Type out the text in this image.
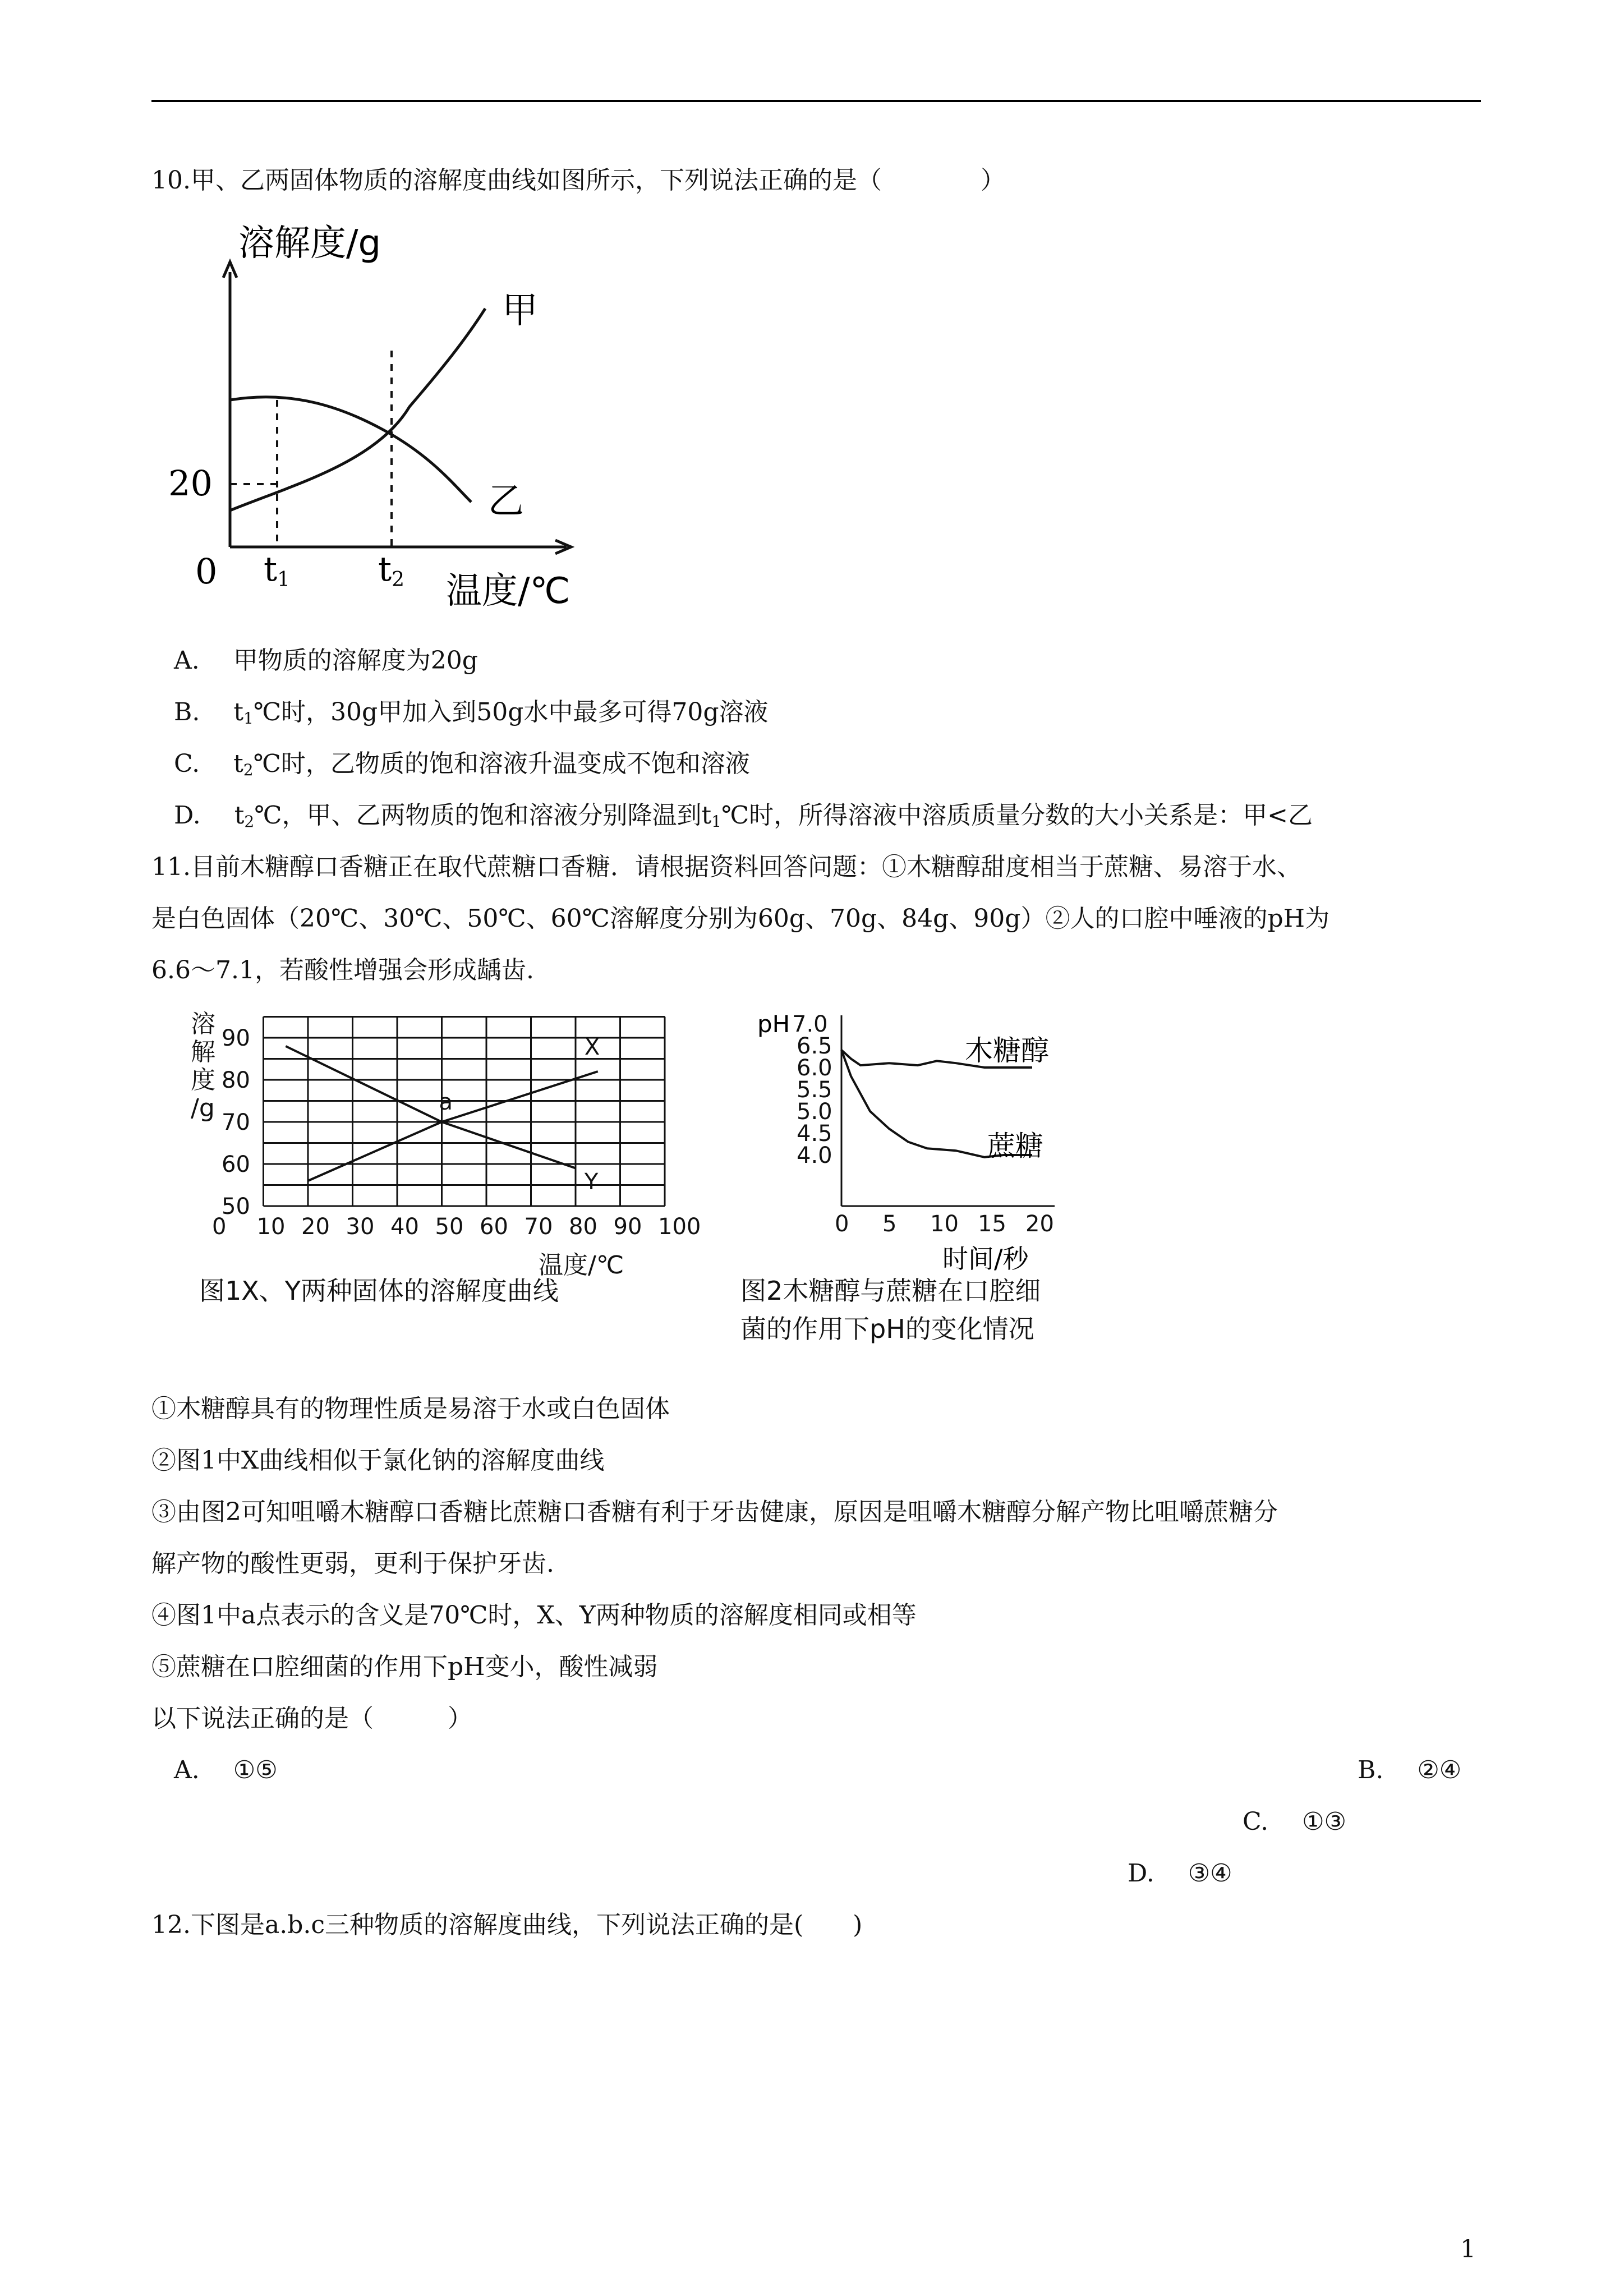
10.甲、乙两固体物质的溶解度曲线如图所示，下列说法正确的是（　　　　）
溶解度/g
20
0 t1	t2 温度/℃
甲
乙
A. 甲物质的溶解度为20g
B. $t_1℃$时，30g甲加入到50g水中最多可得70g溶液
C. $t_2℃$时，乙物质的饱和溶液升温变成不饱和溶液
D. $t_2℃$，甲、乙两物质的饱和溶液分别降温到$t_1℃$时，所得溶液中溶质质量分数的大小关系是：甲<乙
11.目前木糖醇口香糖正在取代蔗糖口香糖．请根据资料回答问题：①木糖醇甜度相当于蔗糖、易溶于水、
是白色固体（20℃、30℃、50℃、60℃溶解度分别为60g、70g、84g、90g）②人的口腔中唾液的pH为
6.6～7.1，若酸性增强会形成龋齿.
溶
解
度
/g
温度/℃
90
80
70
60
50
0 10 20 30 40 50 60 70 80 90 100
a
X
Y
图1X、Y两种固体的溶解度曲线
pH 7.0
6.5
6.0
5.5
5.0
4.5
4.0
0 5 10 15 20
时间/秒
木糖醇
蔗糖
图2木糖醇与蔗糖在口腔细
菌的作用下pH的变化情况
①木糖醇具有的物理性质是易溶于水或白色固体
②图1中X曲线相似于氯化钠的溶解度曲线
③由图2可知咀嚼木糖醇口香糖比蔗糖口香糖有利于牙齿健康，原因是咀嚼木糖醇分解产物比咀嚼蔗糖分
解产物的酸性更弱，更利于保护牙齿.
④图1中a点表示的含义是70℃时，X、Y两种物质的溶解度相同或相等
⑤蔗糖在口腔细菌的作用下pH变小，酸性减弱
以下说法正确的是（　　　）
A. ①⑤	B. ②④
C. ①③
D. ③④
12.下图是a.b.c三种物质的溶解度曲线，下列说法正确的是(　　)
1
